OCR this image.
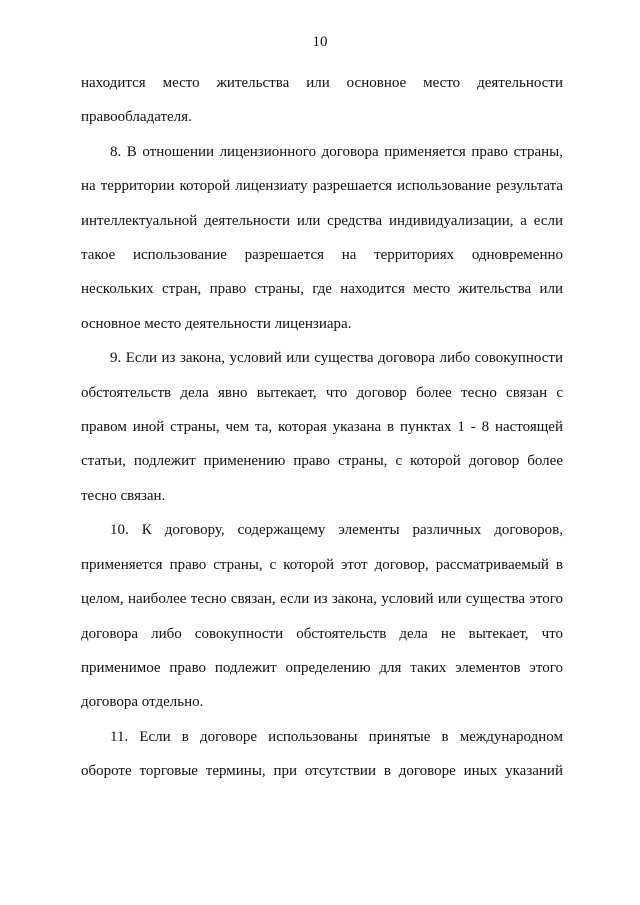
10

находится место жительства или основное место деятельности правообладателя.

8. В отношении лицензионного договора применяется право страны, на территории которой лицензиату разрешается использование результата интеллектуальной деятельности или средства индивидуализации, а если такое использование разрешается на территориях одновременно нескольких стран, право страны, где находится место жительства или основное место деятельности лицензиара.

9. Если из закона, условий или существа договора либо совокупности обстоятельств дела явно вытекает, что договор более тесно связан с правом иной страны, чем та, которая указана в пунктах 1 - 8 настоящей статьи, подлежит применению право страны, с которой договор более тесно связан.

10. К договору, содержащему элементы различных договоров, применяется право страны, с которой этот договор, рассматриваемый в целом, наиболее тесно связан, если из закона, условий или существа этого договора либо совокупности обстоятельств дела не вытекает, что применимое право подлежит определению для таких элементов этого договора отдельно.

11. Если в договоре использованы принятые в международном обороте торговые термины, при отсутствии в договоре иных указаний
